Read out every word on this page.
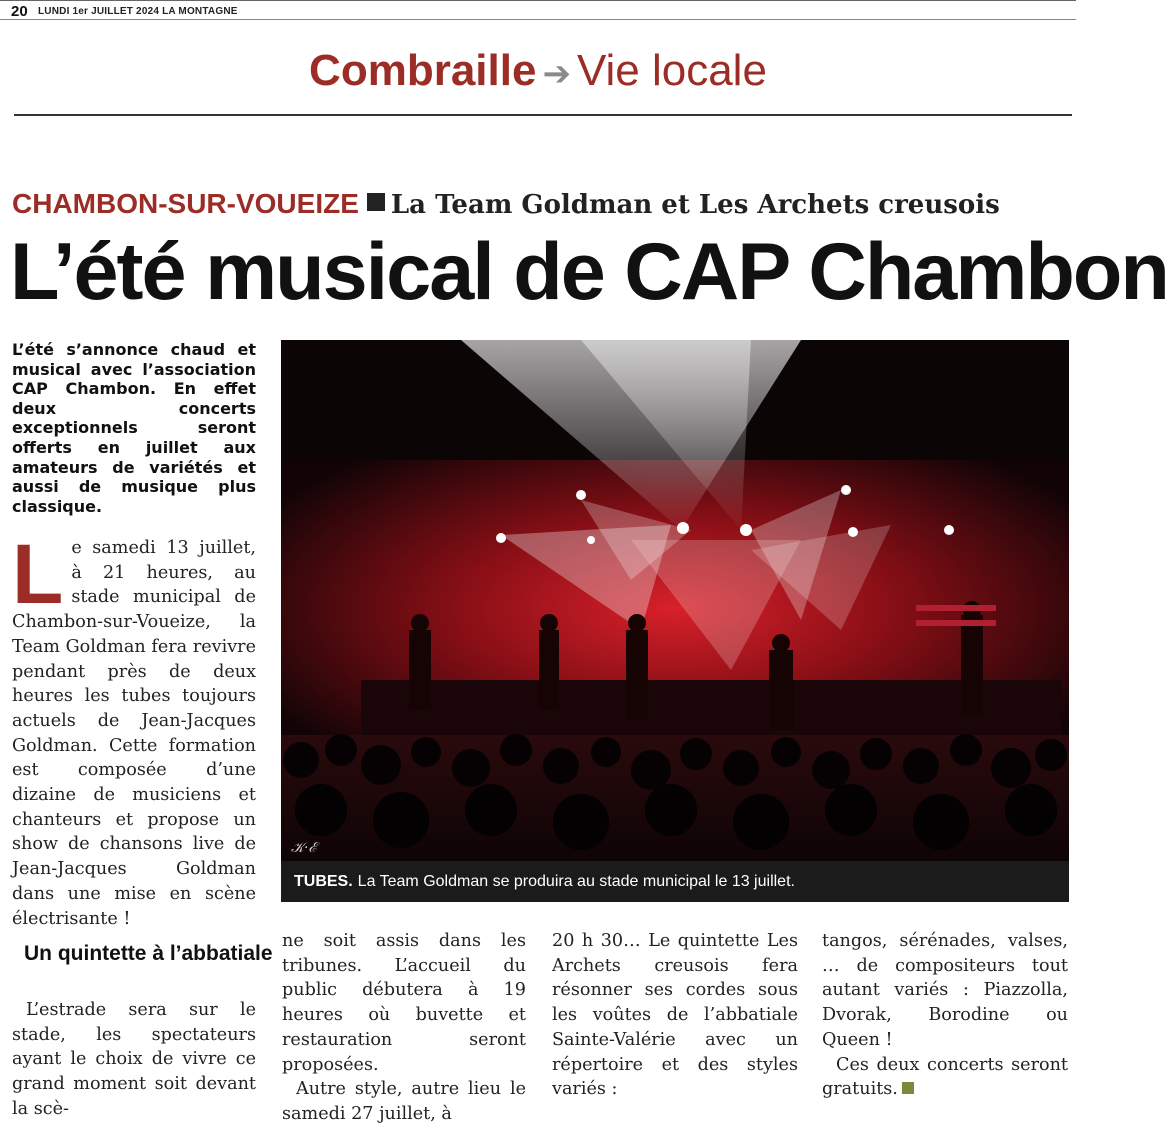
20 LUNDI 1er JUILLET 2024 LA MONTAGNE
Combraille ➔ Vie locale
CHAMBON-SUR-VOUEIZE La Team Goldman et Les Archets creusois
L’été musical de CAP Chambon

L’été s’annonce chaud et musical avec l’association CAP Chambon. En effet deux concerts exceptionnels seront offerts en juillet aux amateurs de variétés et aussi de musique plus classique.

Le samedi 13 juillet, à 21 heures, au stade municipal de Chambon-sur-Voueize, la Team Goldman fera revivre pendant près de deux heures les tubes toujours actuels de Jean-Jacques Goldman. Cette formation est composée d’une dizaine de musiciens et chanteurs et propose un show de chansons live de Jean-Jacques Goldman dans une mise en scène électrisante !

Un quintette à l’abbatiale

L’estrade sera sur le stade, les spectateurs ayant le choix de vivre ce grand moment soit devant la scè-

ne soit assis dans les tribunes. L’accueil du public débutera à 19 heures où buvette et restauration seront proposées.

Autre style, autre lieu le samedi 27 juillet, à

20 h 30… Le quintette Les Archets creusois fera résonner ses cordes sous les voûtes de l’abbatiale Sainte-Valérie avec un répertoire et des styles variés :

tangos, sérénades, valses, … de compositeurs tout autant variés : Piazzolla, Dvorak, Borodine ou Queen !

Ces deux concerts seront gratuits.

𝒦·ℰ
TUBES. La Team Goldman se produira au stade municipal le 13 juillet.
